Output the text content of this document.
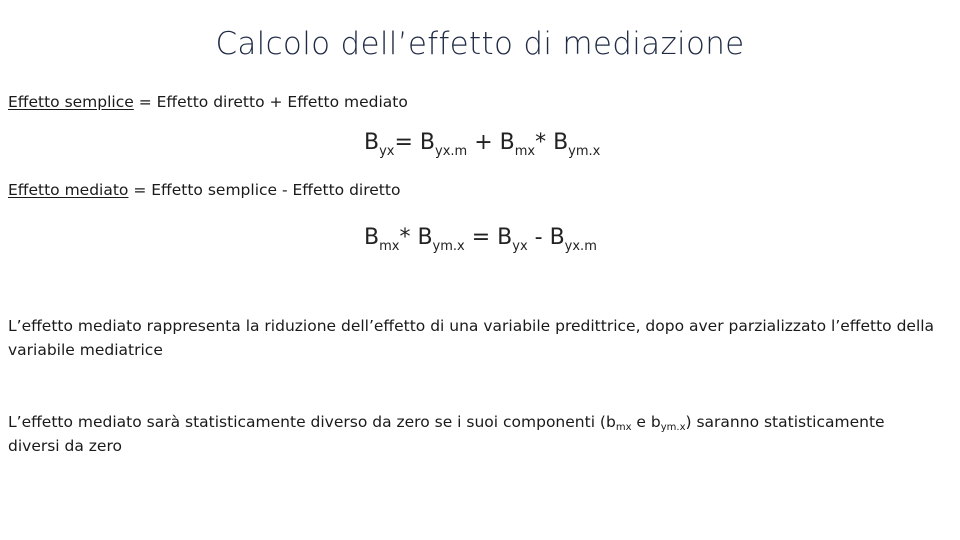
Calcolo dell’effetto di mediazione
Effetto semplice = Effetto diretto + Effetto mediato
$B_{yx}= B_{yx.m} + B_{mx}*$ $B_{ym.x}$
Effetto mediato = Effetto semplice - Effetto diretto
$B_{mx}*$ $B_{ym.x} = B_{yx} - B_{yx.m}$
L’effetto mediato rappresenta la riduzione dell’effetto di una variabile predittrice, dopo aver parzializzato l’effetto della variabile mediatrice
L’effetto mediato sarà statisticamente diverso da zero se i suoi componenti ($b_{mx}$ e $b_{ym.x}$) saranno statisticamente diversi da zero
